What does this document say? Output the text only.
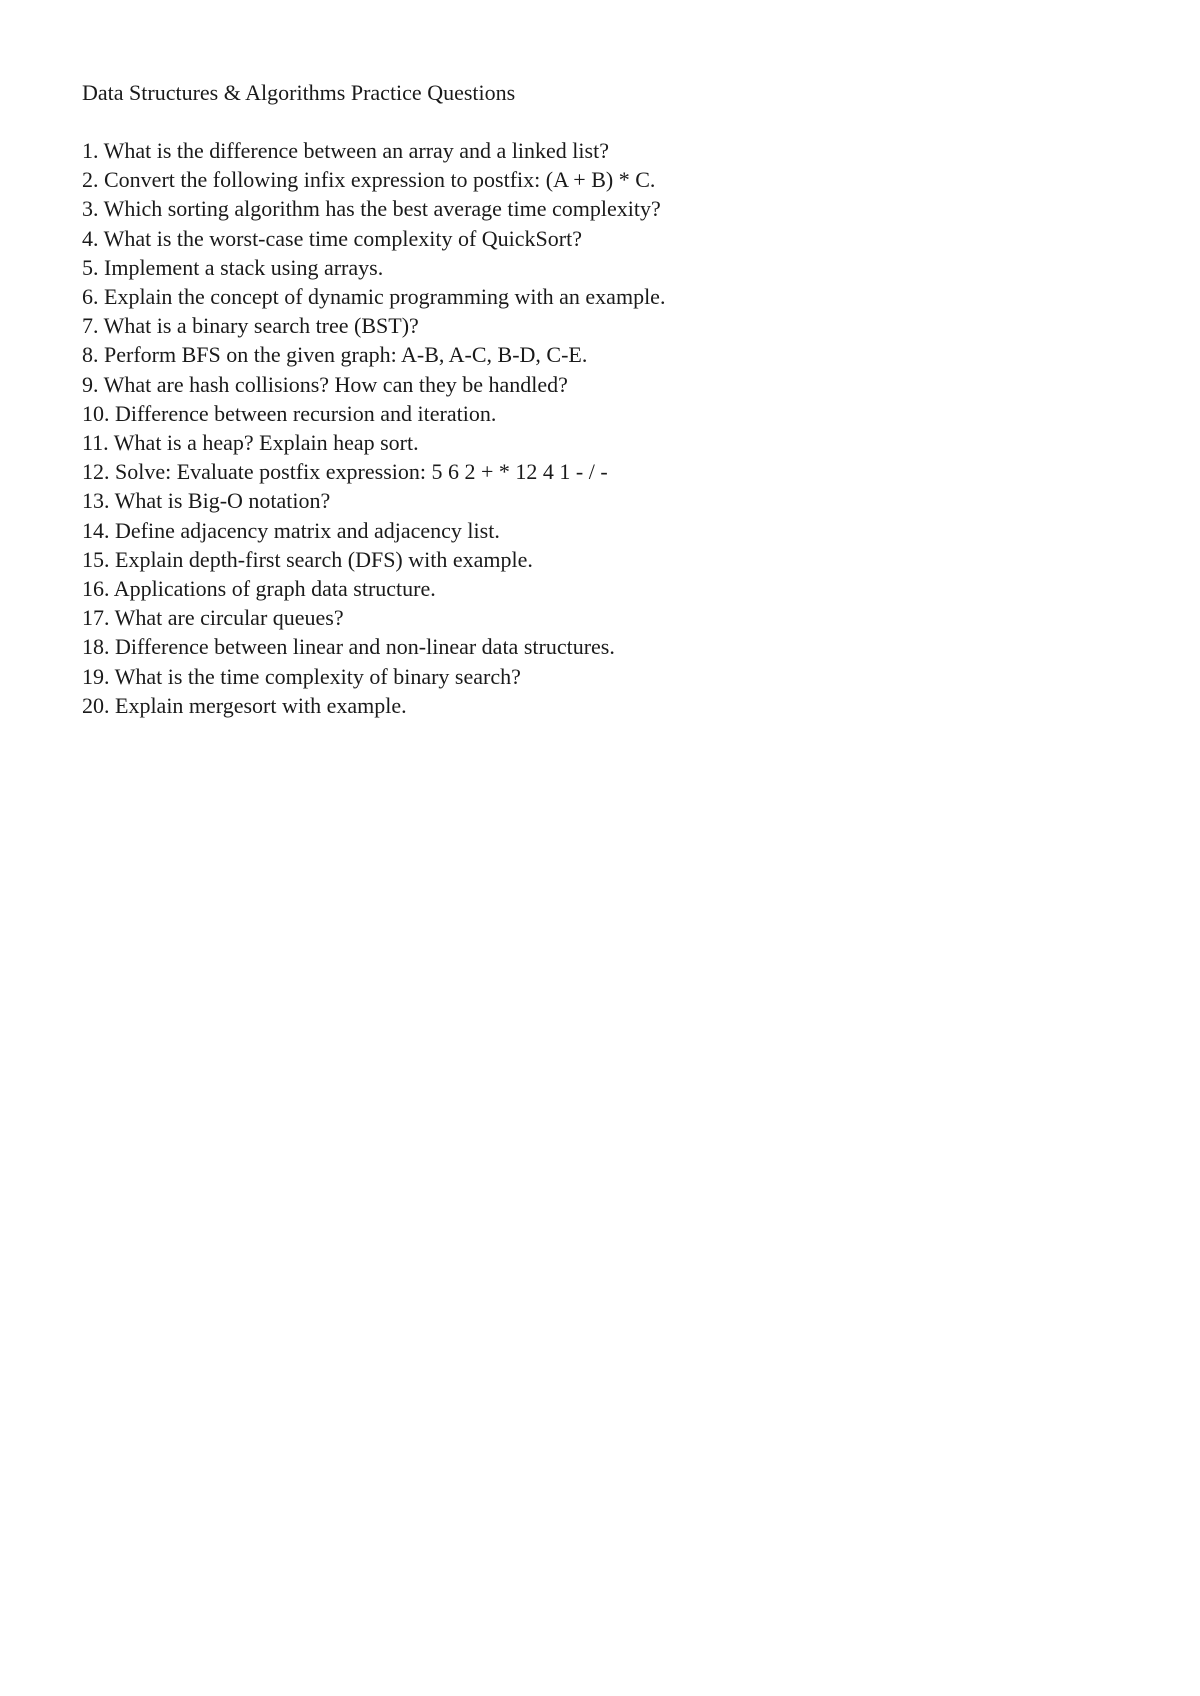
Data Structures & Algorithms Practice Questions
1. What is the difference between an array and a linked list?
2. Convert the following infix expression to postfix: (A + B) * C.
3. Which sorting algorithm has the best average time complexity?
4. What is the worst-case time complexity of QuickSort?
5. Implement a stack using arrays.
6. Explain the concept of dynamic programming with an example.
7. What is a binary search tree (BST)?
8. Perform BFS on the given graph: A-B, A-C, B-D, C-E.
9. What are hash collisions? How can they be handled?
10. Difference between recursion and iteration.
11. What is a heap? Explain heap sort.
12. Solve: Evaluate postfix expression: 5 6 2 + * 12 4 1 - / -
13. What is Big-O notation?
14. Define adjacency matrix and adjacency list.
15. Explain depth-first search (DFS) with example.
16. Applications of graph data structure.
17. What are circular queues?
18. Difference between linear and non-linear data structures.
19. What is the time complexity of binary search?
20. Explain mergesort with example.
